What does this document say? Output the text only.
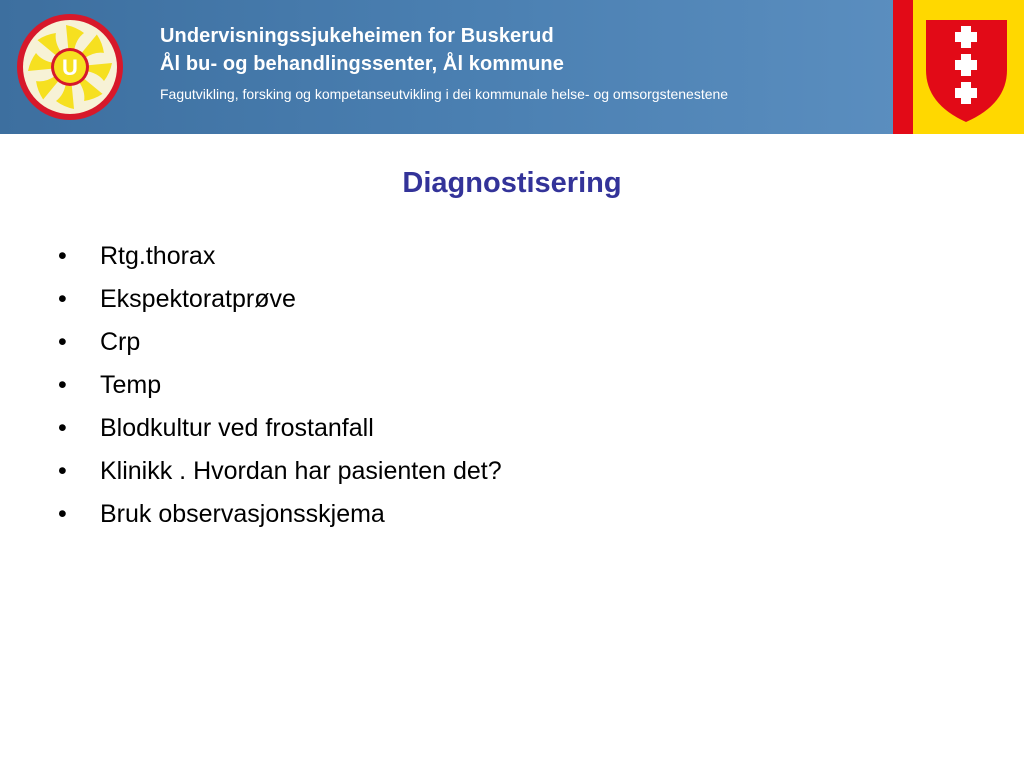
U
Undervisningssjukeheimen for Buskerud
Ål bu- og behandlingssenter, Ål kommune
Fagutvikling, forsking og kompetanseutvikling i dei kommunale helse- og omsorgstenestene
Diagnostisering
•	Rtg.thorax
•	Ekspektoratprøve
•	Crp
•	Temp
•	Blodkultur ved frostanfall
•	Klinikk . Hvordan har pasienten det?
•	Bruk observasjonsskjema
